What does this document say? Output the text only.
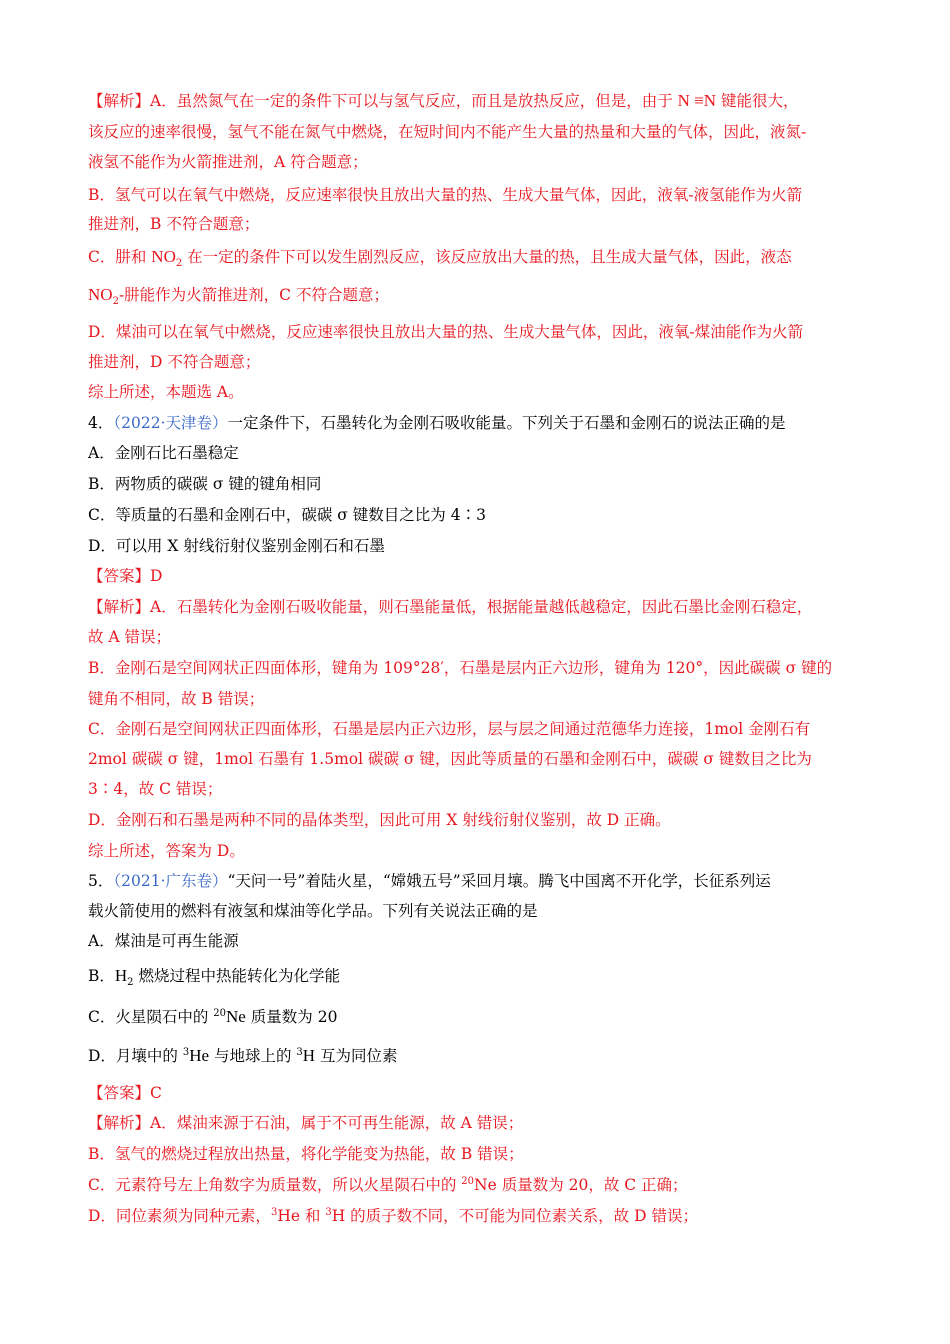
【解析】A．虽然氮气在一定的条件下可以与氢气反应，而且是放热反应，但是，由于 N ≡N 键能很大，
该反应的速率很慢，氢气不能在氮气中燃烧，在短时间内不能产生大量的热量和大量的气体，因此，液氮-
液氢不能作为火箭推进剂，A 符合题意；
B．氢气可以在氧气中燃烧，反应速率很快且放出大量的热、生成大量气体，因此，液氧-液氢能作为火箭
推进剂，B 不符合题意；
C．肼和 $NO_2$ 在一定的条件下可以发生剧烈反应，该反应放出大量的热，且生成大量气体，因此，液态
$NO_2-$肼能作为火箭推进剂，C 不符合题意；
D．煤油可以在氧气中燃烧，反应速率很快且放出大量的热、生成大量气体，因此，液氧-煤油能作为火箭
推进剂，D 不符合题意；
综上所述，本题选 A。
4．（2022·天津卷）一定条件下，石墨转化为金刚石吸收能量。下列关于石墨和金刚石的说法正确的是
A．金刚石比石墨稳定
B．两物质的碳碳 σ 键的键角相同
C．等质量的石墨和金刚石中，碳碳 σ 键数目之比为 4∶3
D．可以用 X 射线衍射仪鉴别金刚石和石墨
【答案】D
【解析】A．石墨转化为金刚石吸收能量，则石墨能量低，根据能量越低越稳定，因此石墨比金刚石稳定，
故 A 错误；
B．金刚石是空间网状正四面体形，键角为 109°28′，石墨是层内正六边形，键角为 120°，因此碳碳 σ 键的
键角不相同，故 B 错误；
C．金刚石是空间网状正四面体形，石墨是层内正六边形，层与层之间通过范德华力连接，1mol 金刚石有
2mol 碳碳 σ 键，1mol 石墨有 1.5mol 碳碳 σ 键，因此等质量的石墨和金刚石中，碳碳 σ 键数目之比为
3∶4，故 C 错误；
D．金刚石和石墨是两种不同的晶体类型，因此可用 X 射线衍射仪鉴别，故 D 正确。
综上所述，答案为 D。
5．（2021·广东卷）“天问一号”着陆火星，“嫦娥五号”采回月壤。腾飞中国离不开化学，长征系列运
载火箭使用的燃料有液氢和煤油等化学品。下列有关说法正确的是
A．煤油是可再生能源
B．$H_2$ 燃烧过程中热能转化为化学能
C．火星陨石中的 $^{20}$Ne 质量数为 20
D．月壤中的 $^3$He 与地球上的 $^3$H 互为同位素
【答案】C
【解析】A．煤油来源于石油，属于不可再生能源，故 A 错误；
B．氢气的燃烧过程放出热量，将化学能变为热能，故 B 错误；
C．元素符号左上角数字为质量数，所以火星陨石中的 $^{20}$Ne 质量数为 20，故 C 正确；
D．同位素须为同种元素，$^3$He 和 $^3$H 的质子数不同，不可能为同位素关系，故 D 错误；
